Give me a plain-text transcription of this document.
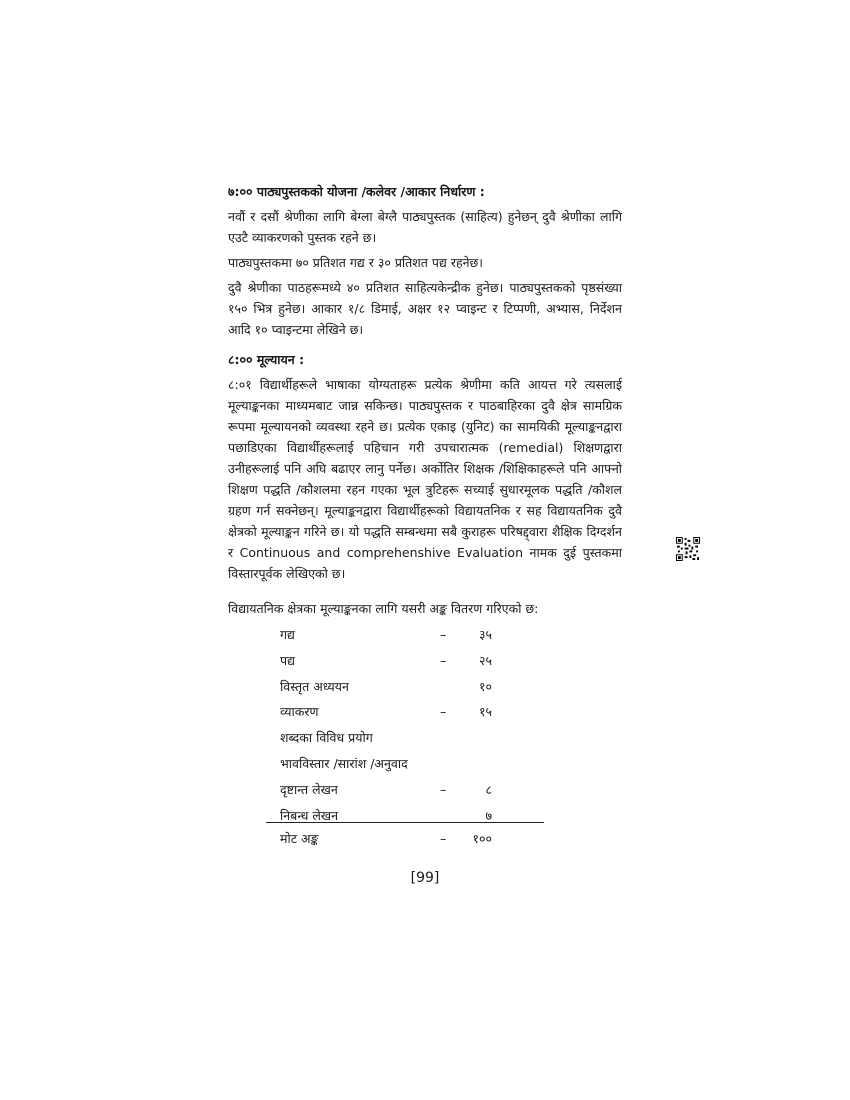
७:०० पाठ्यपुस्तकको योजना /कलेवर /आकार निर्धारण :

नवौं र दसौं श्रेणीका लागि बेग्ला बेग्लै पाठ्यपुस्तक (साहित्य) हुनेछन् दुवै श्रेणीका लागि एउटै व्याकरणको पुस्तक रहने छ।

पाठ्यपुस्तकमा ७० प्रतिशत गद्य र ३० प्रतिशत पद्य रहनेछ।

दुवै श्रेणीका पाठहरूमध्ये ४० प्रतिशत साहित्यकेन्द्रीक हुनेछ। पाठ्यपुस्तकको पृष्ठसंख्या १५० भित्र हुनेछ। आकार १/८ डिमाई, अक्षर १२ प्वाइन्ट र टिप्पणी, अभ्यास, निर्देशन आदि १० प्वाइन्टमा लेखिने छ।

८:०० मूल्यायन :

८:०१ विद्यार्थीहरूले भाषाका योग्यताहरू प्रत्येक श्रेणीमा कति आयत्त गरे त्यसलाई मूल्याङ्कनका माध्यमबाट जान्न सकिन्छ। पाठ्यपुस्तक र पाठबाहिरका दुवै क्षेत्र सामग्रिक रूपमा मूल्यायनको व्यवस्था रहने छ। प्रत्येक एकाइ (युनिट) का सामयिकी मूल्याङ्कनद्वारा पछाडिएका विद्यार्थीहरूलाई पहिचान गरी उपचारात्मक (remedial) शिक्षणद्वारा उनीहरूलाई पनि अघि बढाएर लानु पर्नेछ। अर्कोतिर शिक्षक /शिक्षिकाहरूले पनि आफ्नो शिक्षण पद्धति /कौशलमा रहन गएका भूल त्रुटिहरू सच्याई सुधारमूलक पद्धति /कौशल ग्रहण गर्न सक्नेछन्। मूल्याङ्कनद्वारा विद्यार्थीहरूको विद्यायतनिक र सह विद्यायतनिक दुवै क्षेत्रको मूल्याङ्कन गरिने छ। यो पद्धति सम्बन्धमा सबै कुराहरू परिषद्द्वारा शैक्षिक दिग्दर्शन र Continuous and comprehenshive Evaluation नामक दुई पुस्तकमा विस्तारपूर्वक लेखिएको छ।

विद्यायतनिक क्षेत्रका मूल्याङ्कनका लागि यसरी अङ्क वितरण गरिएको छ:
गद्य	–	३५
पद्य	–	२५
विस्तृत अध्ययन	१०
व्याकरण	–	१५
शब्दका विविध प्रयोग
भावविस्तार /सारांश /अनुवाद
दृष्टान्त लेखन	–	८
निबन्ध लेखन	७
मोट अङ्क	– १००
[99]
